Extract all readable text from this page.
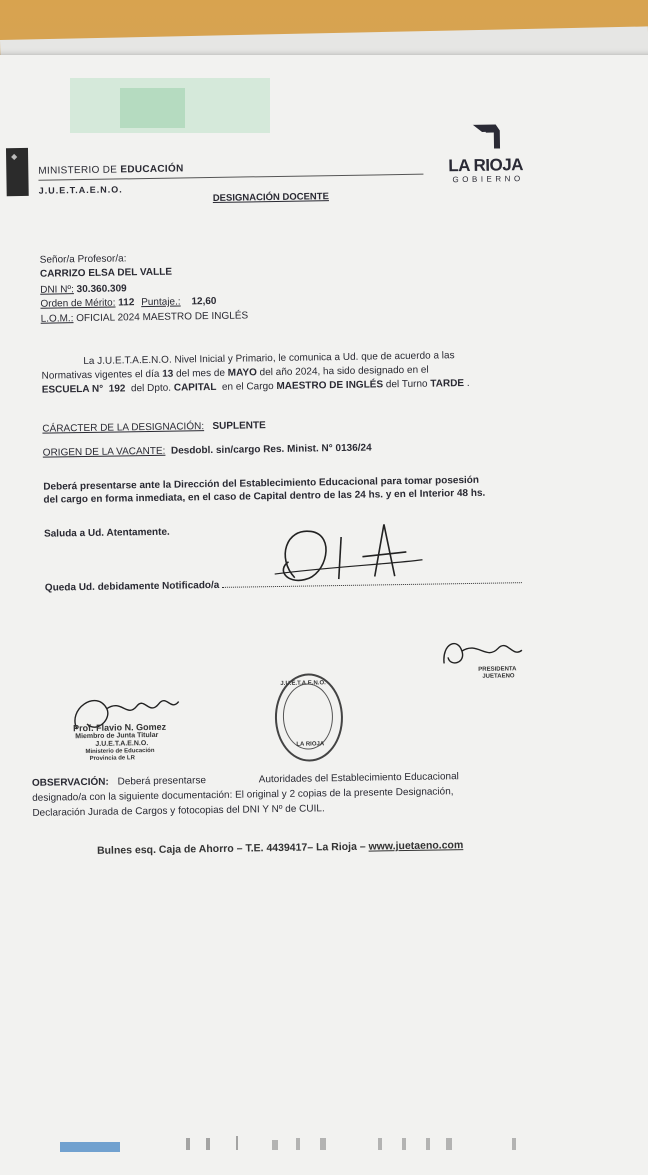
◆
MINISTERIO DE EDUCACIÓN
J.U.E.T.A.E.N.O.
LA RIOJA
GOBIERNO
DESIGNACIÓN DOCENTE
Señor/a Profesor/a:
CARRIZO ELSA DEL VALLE
DNI Nº: 30.360.309
Orden de Mérito: 112 Puntaje.: 12,60
L.O.M.: OFICIAL 2024 MAESTRO DE INGLÉS
La J.U.E.T.A.E.N.O. Nivel Inicial y Primario, le comunica a Ud. que de acuerdo a las
Normativas vigentes el día 13 del mes de MAYO del año 2024, ha sido designado en el
ESCUELA N° 192 del Dpto. CAPITAL en el Cargo MAESTRO DE INGLÉS del Turno TARDE .
CÁRACTER DE LA DESIGNACIÓN: SUPLENTE
ORIGEN DE LA VACANTE: Desdobl. sin/cargo Res. Minist. N° 0136/24
Deberá presentarse ante la Dirección del Establecimiento Educacional para tomar posesión
del cargo en forma inmediata, en el caso de Capital dentro de las 24 hs. y en el Interior 48 hs.
Saluda a Ud. Atentamente.
Queda Ud. debidamente Notificado/a
Prof. Flavio N. Gomez
Miembro de Junta Titular
J.U.E.T.A.E.N.O.
Ministerio de Educación
Provincia de LR
J.U.E.T.A.E.N.O.
LA RIOJA
PRESIDENTA
JUETAENO
OBSERVACIÓN: Deberá presentarse	Autoridades del Establecimiento Educacional
designado/a con la siguiente documentación: El original y 2 copias de la presente Designación,
Declaración Jurada de Cargos y fotocopias del DNI Y Nº de CUIL.
Bulnes esq. Caja de Ahorro – T.E. 4439417– La Rioja – www.juetaeno.com
